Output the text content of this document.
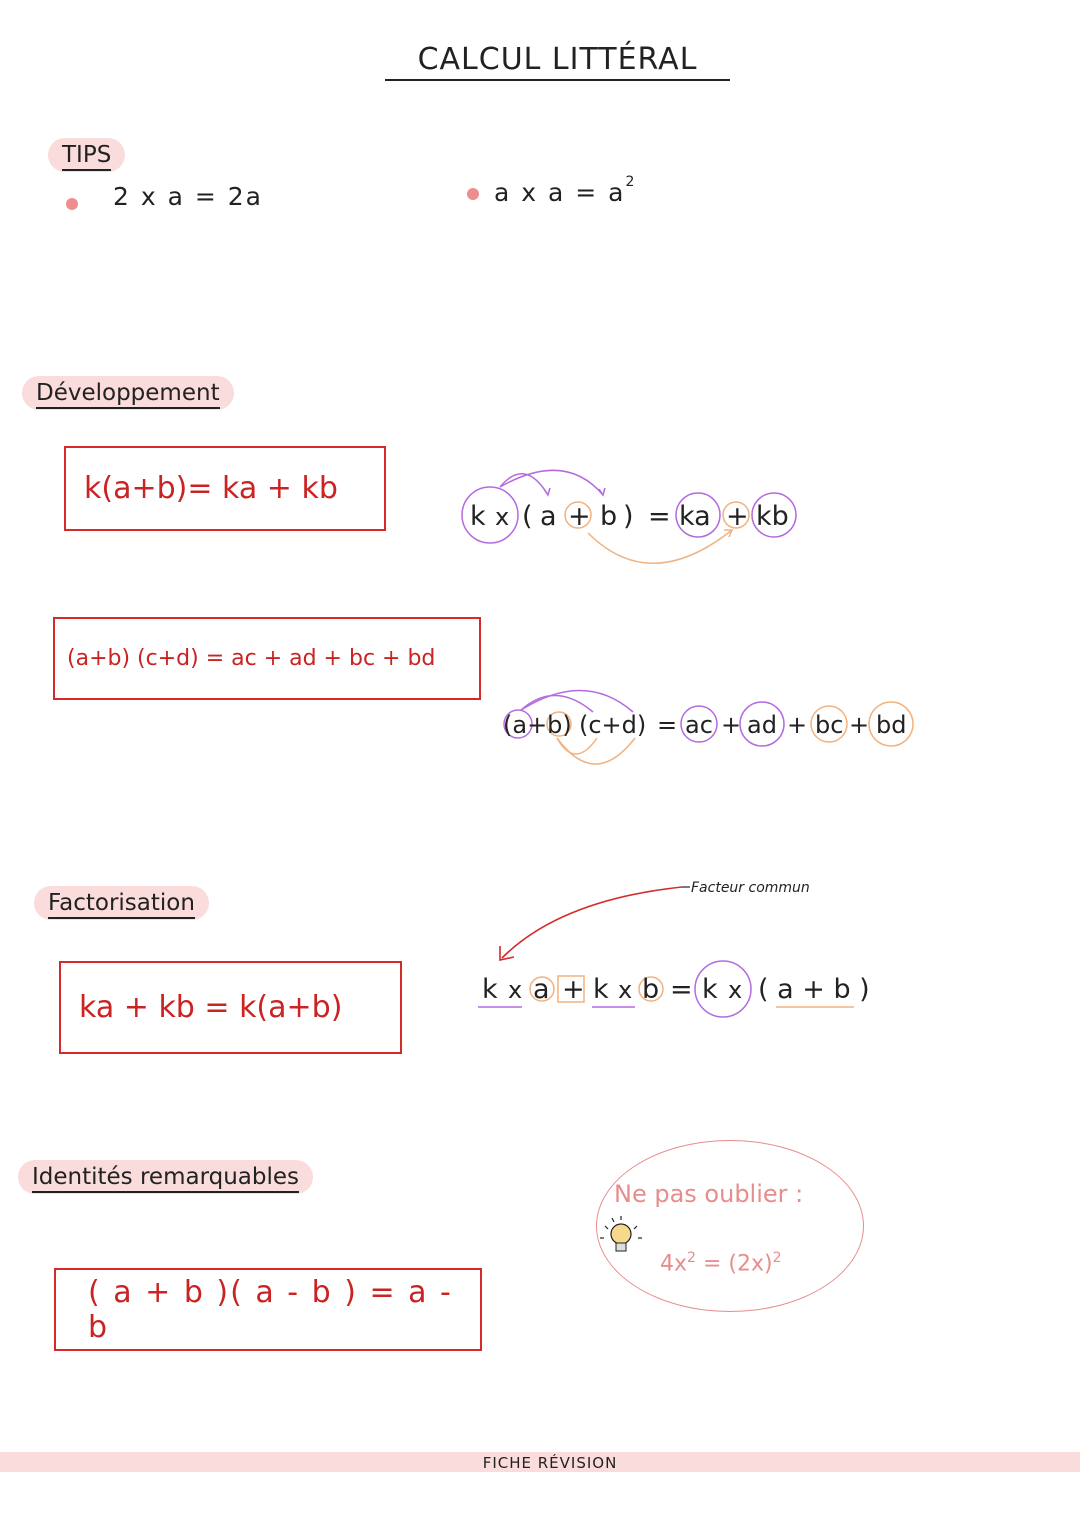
CALCUL LITTÉRAL
TIPS
2 x a = 2a	a x $a = a^2$
Développement
k(a+b)= ka + kb
(a+b) (c+d) = ac + ad + bc + bd
k x ( a + b ) = ka + kb
(a+b) (c+d) = ac + ad + bc + bd
Factorisation
ka + kb = k(a+b)
Facteur commun
k x a + k x b = k x ( a + b )
Identités remarquables
( a + b )( a - b ) = a - b
Ne pas oublier :
$4x^2 = (2x)^2$
FICHE RÉVISION
